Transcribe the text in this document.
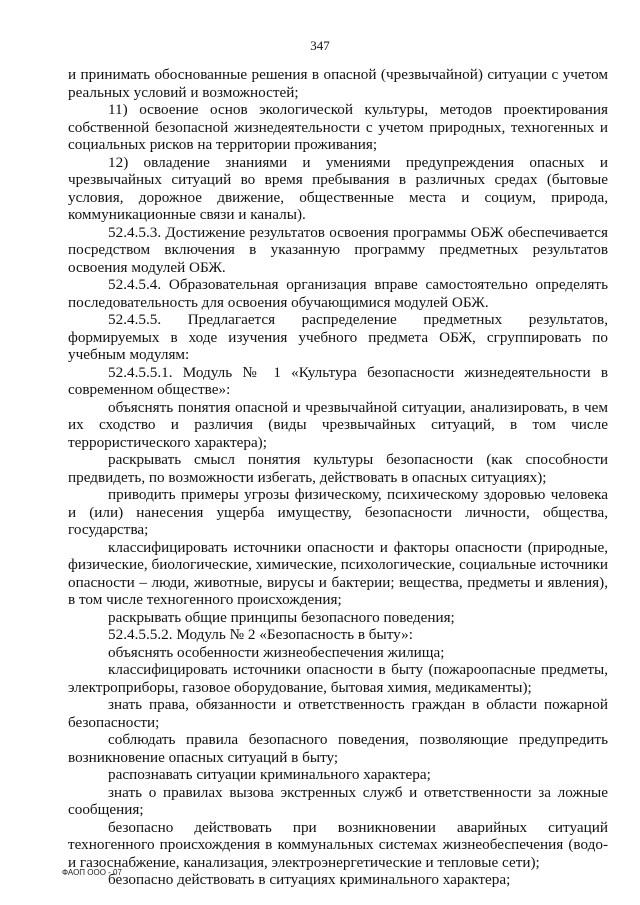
347

и принимать обоснованные решения в опасной (чрезвычайной) ситуации с учетом реальных условий и возможностей;

11) освоение основ экологической культуры, методов проектирования собственной безопасной жизнедеятельности с учетом природных, техногенных и социальных рисков на территории проживания;

12) овладение знаниями и умениями предупреждения опасных и чрезвычайных ситуаций во время пребывания в различных средах (бытовые условия, дорожное движение, общественные места и социум, природа, коммуникационные связи и каналы).

52.4.5.3. Достижение результатов освоения программы ОБЖ обеспечивается посредством включения в указанную программу предметных результатов освоения модулей ОБЖ.

52.4.5.4. Образовательная организация вправе самостоятельно определять последовательность для освоения обучающимися модулей ОБЖ.

52.4.5.5. Предлагается распределение предметных результатов, формируемых в ходе изучения учебного предмета ОБЖ, сгруппировать по учебным модулям:

52.4.5.5.1. Модуль № 1 «Культура безопасности жизнедеятельности в современном обществе»:

объяснять понятия опасной и чрезвычайной ситуации, анализировать, в чем их сходство и различия (виды чрезвычайных ситуаций, в том числе террористического характера);

раскрывать смысл понятия культуры безопасности (как способности предвидеть, по возможности избегать, действовать в опасных ситуациях);

приводить примеры угрозы физическому, психическому здоровью человека и (или) нанесения ущерба имуществу, безопасности личности, общества, государства;

классифицировать источники опасности и факторы опасности (природные, физические, биологические, химические, психологические, социальные источники опасности – люди, животные, вирусы и бактерии; вещества, предметы и явления), в том числе техногенного происхождения;

раскрывать общие принципы безопасного поведения;

52.4.5.5.2. Модуль № 2 «Безопасность в быту»:

объяснять особенности жизнеобеспечения жилища;

классифицировать источники опасности в быту (пожароопасные предметы, электроприборы, газовое оборудование, бытовая химия, медикаменты);

знать права, обязанности и ответственность граждан в области пожарной безопасности;

соблюдать правила безопасного поведения, позволяющие предупредить возникновение опасных ситуаций в быту;

распознавать ситуации криминального характера;

знать о правилах вызова экстренных служб и ответственности за ложные сообщения;

безопасно действовать при возникновении аварийных ситуаций техногенного происхождения в коммунальных системах жизнеобеспечения (водо- и газоснабжение, канализация, электроэнергетические и тепловые сети);

безопасно действовать в ситуациях криминального характера;

ФАОП ООО - 07
